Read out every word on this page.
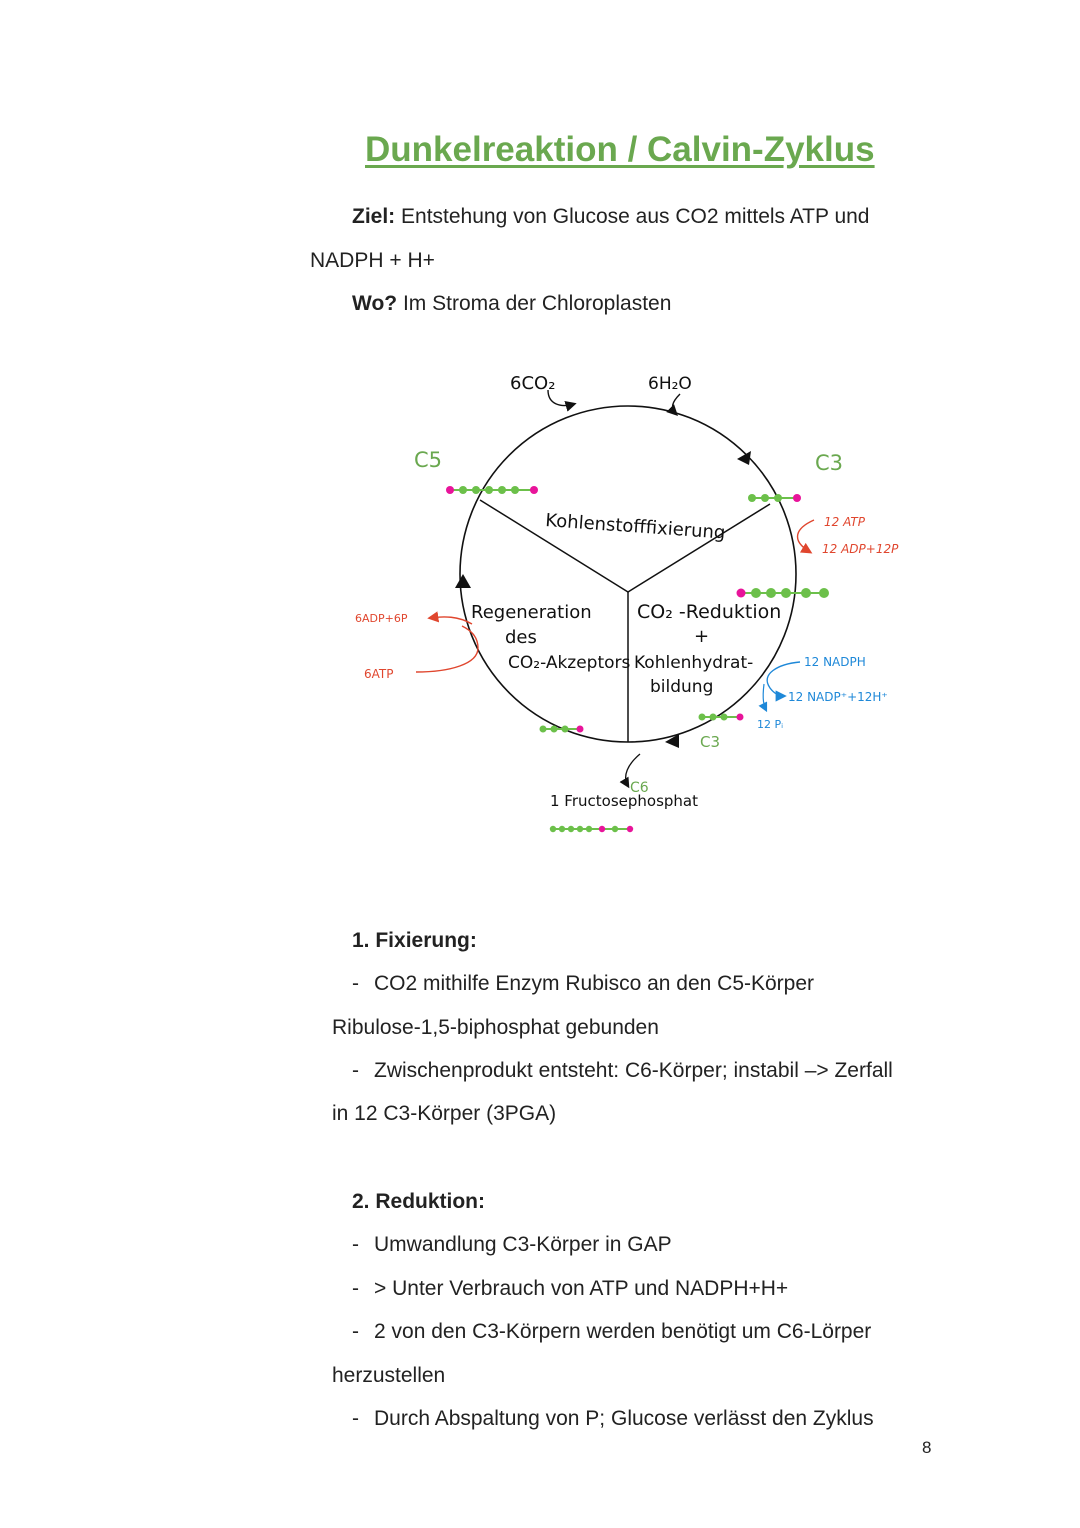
Dunkelreaktion / Calvin-Zyklus
Ziel: Entstehung von Glucose aus CO2 mittels ATP und
NADPH + H+
Wo? Im Stroma der Chloroplasten
6CO₂	6H₂O
C5	C3
Kohlenstofffixierung
Regeneration
des
CO₂-Akzeptors
CO₂ -Reduktion
+
Kohlenhydrat-
bildung
C3
C6
1 Fructosephosphat
12 ATP
12 ADP+12P
12 NADPH
12 NADP⁺+12H⁺
12 Pᵢ
6ADP+6P
6ATP
1. Fixierung:
- CO2 mithilfe Enzym Rubisco an den C5-Körper
Ribulose-1,5-biphosphat gebunden
- Zwischenprodukt entsteht: C6-Körper; instabil –> Zerfall
in 12 C3-Körper (3PGA)
2. Reduktion:
- Umwandlung C3-Körper in GAP
- > Unter Verbrauch von ATP und NADPH+H+
- 2 von den C3-Körpern werden benötigt um C6-Lörper
herzustellen
- Durch Abspaltung von P; Glucose verlässt den Zyklus
8
